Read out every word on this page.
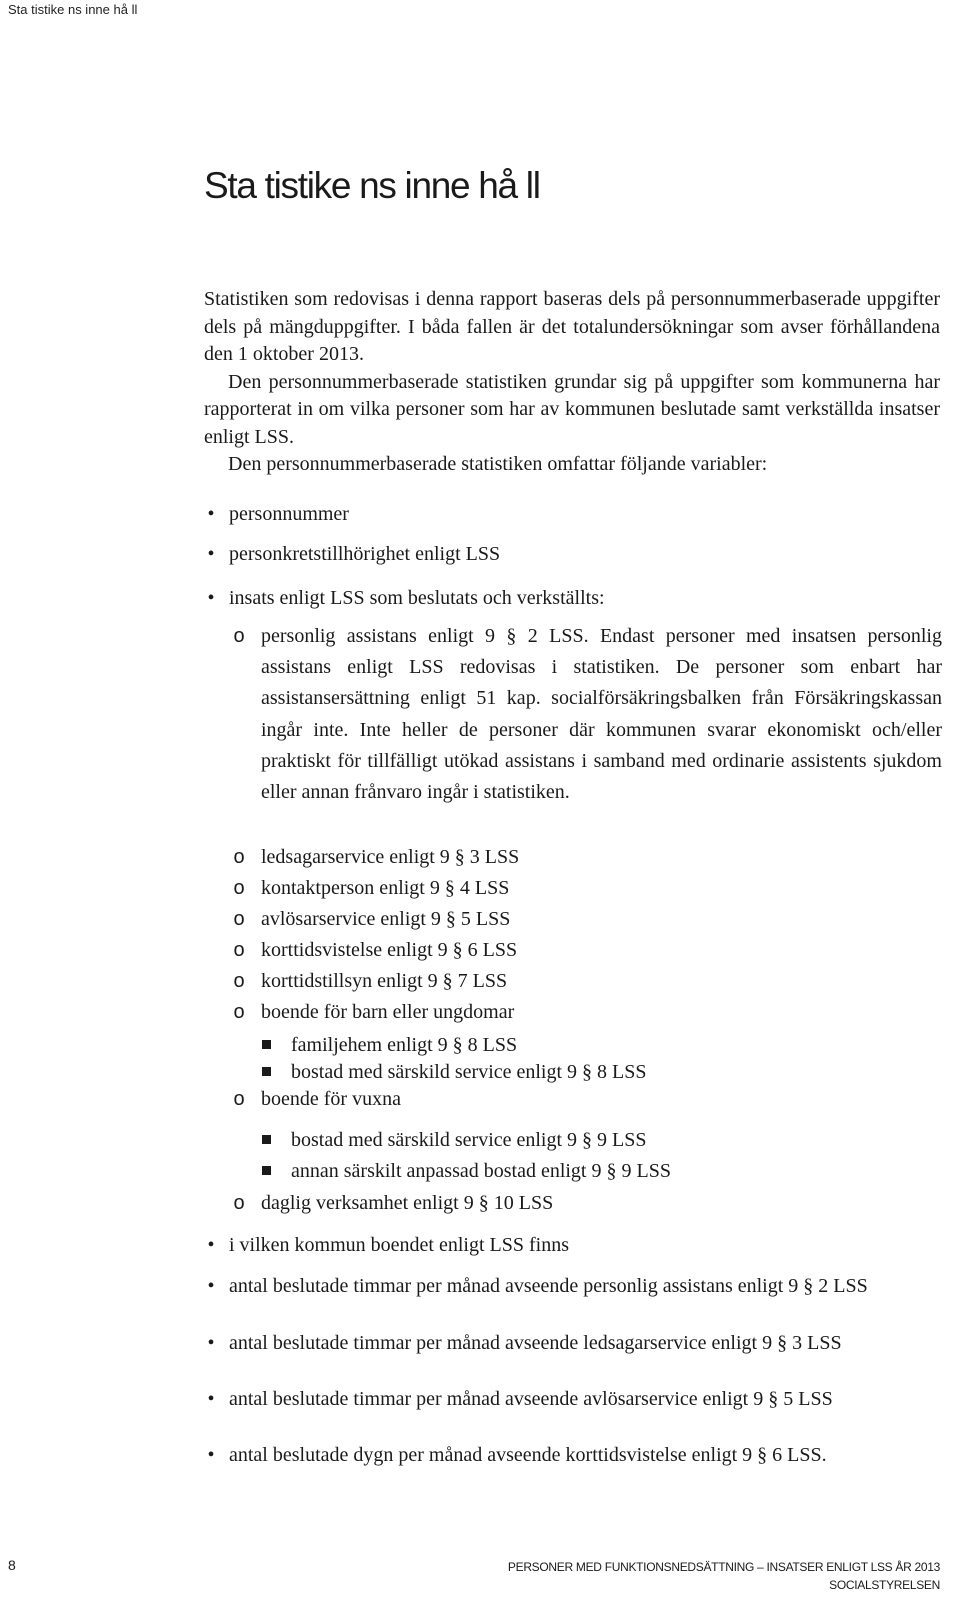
Sta tistike ns inne hå ll
Sta tistike ns inne hå ll

Statistiken som redovisas i denna rapport baseras dels på personnummerbaserade uppgifter dels på mängduppgifter. I båda fallen är det totalundersökningar som avser förhållandena den 1 oktober 2013.

Den personnummerbaserade statistiken grundar sig på uppgifter som kommunerna har rapporterat in om vilka personer som har av kommunen beslutade samt verkställda insatser enligt LSS.

Den personnummerbaserade statistiken omfattar följande variabler:

• personnummer
• personkretstillhörighet enligt LSS
• insats enligt LSS som beslutats och verkställts:
o personlig assistans enligt 9 § 2 LSS. Endast personer med insatsen personlig assistans enligt LSS redovisas i statistiken. De personer som enbart har assistansersättning enligt 51 kap. socialförsäkringsbalken från Försäkringskassan ingår inte. Inte heller de personer där kommunen svarar ekonomiskt och/eller praktiskt för tillfälligt utökad assistans i samband med ordinarie assistents sjukdom eller annan frånvaro ingår i statistiken.
o ledsagarservice enligt 9 § 3 LSS
o kontaktperson enligt 9 § 4 LSS
o avlösarservice enligt 9 § 5 LSS
o korttidsvistelse enligt 9 § 6 LSS
o korttidstillsyn enligt 9 § 7 LSS
o boende för barn eller ungdomar
familjehem enligt 9 § 8 LSS
bostad med särskild service enligt 9 § 8 LSS
o boende för vuxna
bostad med särskild service enligt 9 § 9 LSS
annan särskilt anpassad bostad enligt 9 § 9 LSS
o daglig verksamhet enligt 9 § 10 LSS
• i vilken kommun boendet enligt LSS finns
• antal beslutade timmar per månad avseende personlig assistans enligt 9 § 2 LSS
• antal beslutade timmar per månad avseende ledsagarservice enligt 9 § 3 LSS
• antal beslutade timmar per månad avseende avlösarservice enligt 9 § 5 LSS
• antal beslutade dygn per månad avseende korttidsvistelse enligt 9 § 6 LSS.
8	PERSONER MED FUNKTIONSNEDSÄTTNING – INSATSER ENLIGT LSS ÅR 2013
SOCIALSTYRELSEN
